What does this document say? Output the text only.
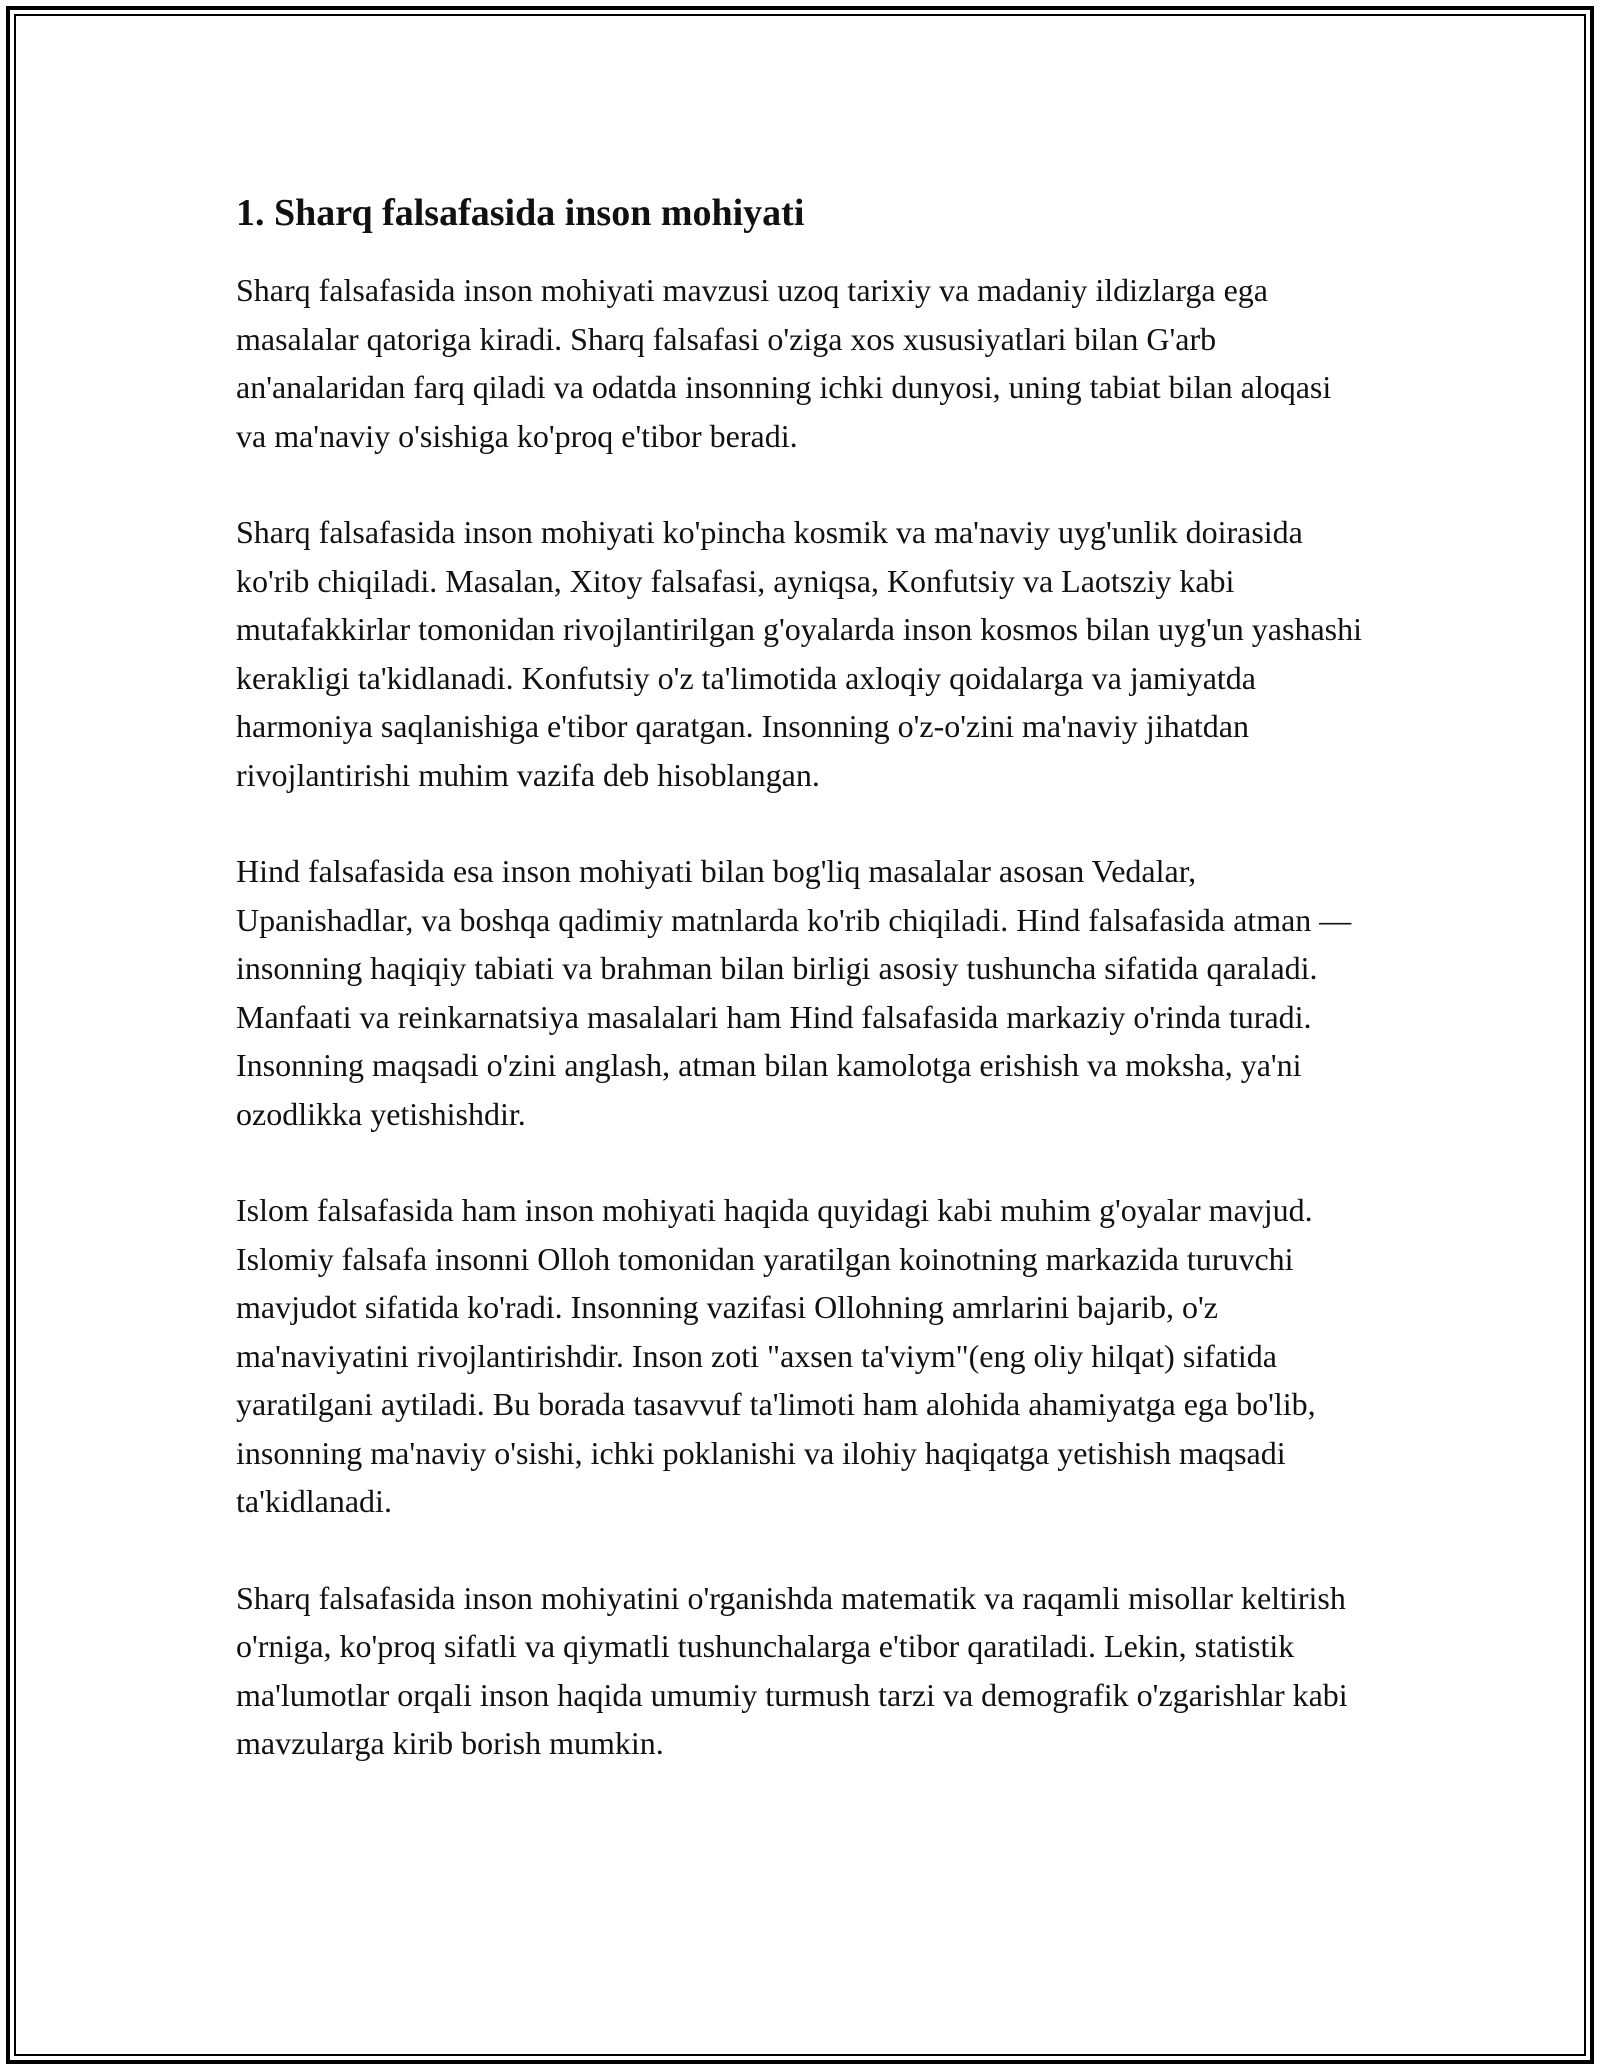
1. Sharq falsafasida inson mohiyati

Sharq falsafasida inson mohiyati mavzusi uzoq tarixiy va madaniy ildizlarga ega masalalar qatoriga kiradi. Sharq falsafasi o'ziga xos xususiyatlari bilan G'arb an'analaridan farq qiladi va odatda insonning ichki dunyosi, uning tabiat bilan aloqasi va ma'naviy o'sishiga ko'proq e'tibor beradi.

Sharq falsafasida inson mohiyati ko'pincha kosmik va ma'naviy uyg'unlik doirasida ko'rib chiqiladi. Masalan, Xitoy falsafasi, ayniqsa, Konfutsiy va Laotsziy kabi mutafakkirlar tomonidan rivojlantirilgan g'oyalarda inson kosmos bilan uyg'un yashashi kerakligi ta'kidlanadi. Konfutsiy o'z ta'limotida axloqiy qoidalarga va jamiyatda harmoniya saqlanishiga e'tibor qaratgan. Insonning o'z-o'zini ma'naviy jihatdan rivojlantirishi muhim vazifa deb hisoblangan.

Hind falsafasida esa inson mohiyati bilan bog'liq masalalar asosan Vedalar, Upanishadlar, va boshqa qadimiy matnlarda ko'rib chiqiladi. Hind falsafasida atman — insonning haqiqiy tabiati va brahman bilan birligi asosiy tushuncha sifatida qaraladi. Manfaati va reinkarnatsiya masalalari ham Hind falsafasida markaziy o'rinda turadi. Insonning maqsadi o'zini anglash, atman bilan kamolotga erishish va moksha, ya'ni ozodlikka yetishishdir.

Islom falsafasida ham inson mohiyati haqida quyidagi kabi muhim g'oyalar mavjud. Islomiy falsafa insonni Olloh tomonidan yaratilgan koinotning markazida turuvchi mavjudot sifatida ko'radi. Insonning vazifasi Ollohning amrlarini bajarib, o'z ma'naviyatini rivojlantirishdir. Inson zoti "axsen ta'viym"(eng oliy hilqat) sifatida yaratilgani aytiladi. Bu borada tasavvuf ta'limoti ham alohida ahamiyatga ega bo'lib, insonning ma'naviy o'sishi, ichki poklanishi va ilohiy haqiqatga yetishish maqsadi ta'kidlanadi.

Sharq falsafasida inson mohiyatini o'rganishda matematik va raqamli misollar keltirish o'rniga, ko'proq sifatli va qiymatli tushunchalarga e'tibor qaratiladi. Lekin, statistik ma'lumotlar orqali inson haqida umumiy turmush tarzi va demografik o'zgarishlar kabi mavzularga kirib borish mumkin.
